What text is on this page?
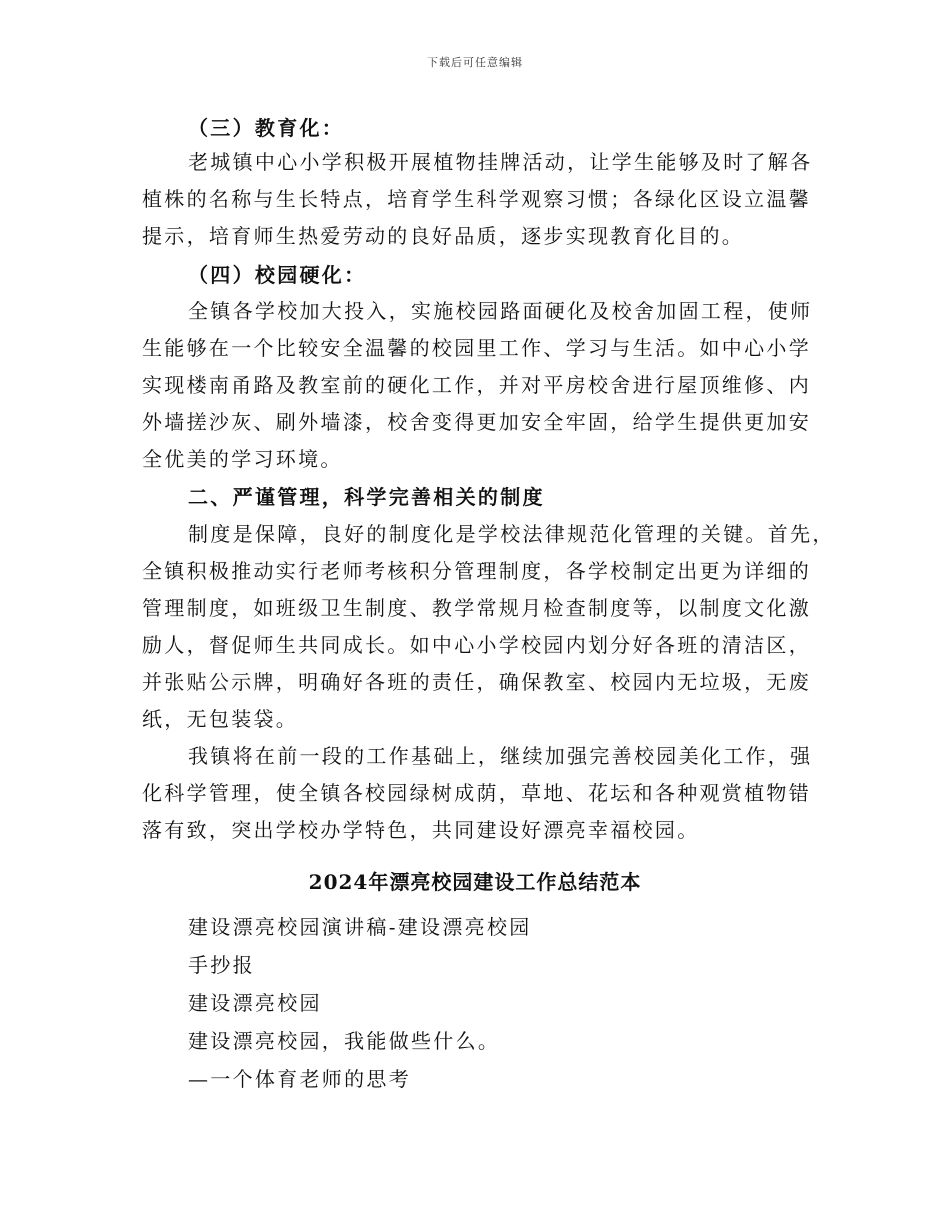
下载后可任意编辑
（三）教育化：
老城镇中心小学积极开展植物挂牌活动，让学生能够及时了解各
植株的名称与生长特点，培育学生科学观察习惯；各绿化区设立温馨
提示，培育师生热爱劳动的良好品质，逐步实现教育化目的。
（四）校园硬化：
全镇各学校加大投入，实施校园路面硬化及校舍加固工程，使师
生能够在一个比较安全温馨的校园里工作、学习与生活。如中心小学
实现楼南甬路及教室前的硬化工作，并对平房校舍进行屋顶维修、内
外墙搓沙灰、刷外墙漆，校舍变得更加安全牢固，给学生提供更加安
全优美的学习环境。
二、严谨管理，科学完善相关的制度
制度是保障，良好的制度化是学校法律规范化管理的关键。首先，
全镇积极推动实行老师考核积分管理制度，各学校制定出更为详细的
管理制度，如班级卫生制度、教学常规月检查制度等，以制度文化激
励人，督促师生共同成长。如中心小学校园内划分好各班的清洁区，
并张贴公示牌，明确好各班的责任，确保教室、校园内无垃圾，无废
纸，无包装袋。
我镇将在前一段的工作基础上，继续加强完善校园美化工作，强
化科学管理，使全镇各校园绿树成荫，草地、花坛和各种观赏植物错
落有致，突出学校办学特色，共同建设好漂亮幸福校园。
2024年漂亮校园建设工作总结范本
建设漂亮校园演讲稿-建设漂亮校园
手抄报
建设漂亮校园
建设漂亮校园，我能做些什么。
—一个体育老师的思考
